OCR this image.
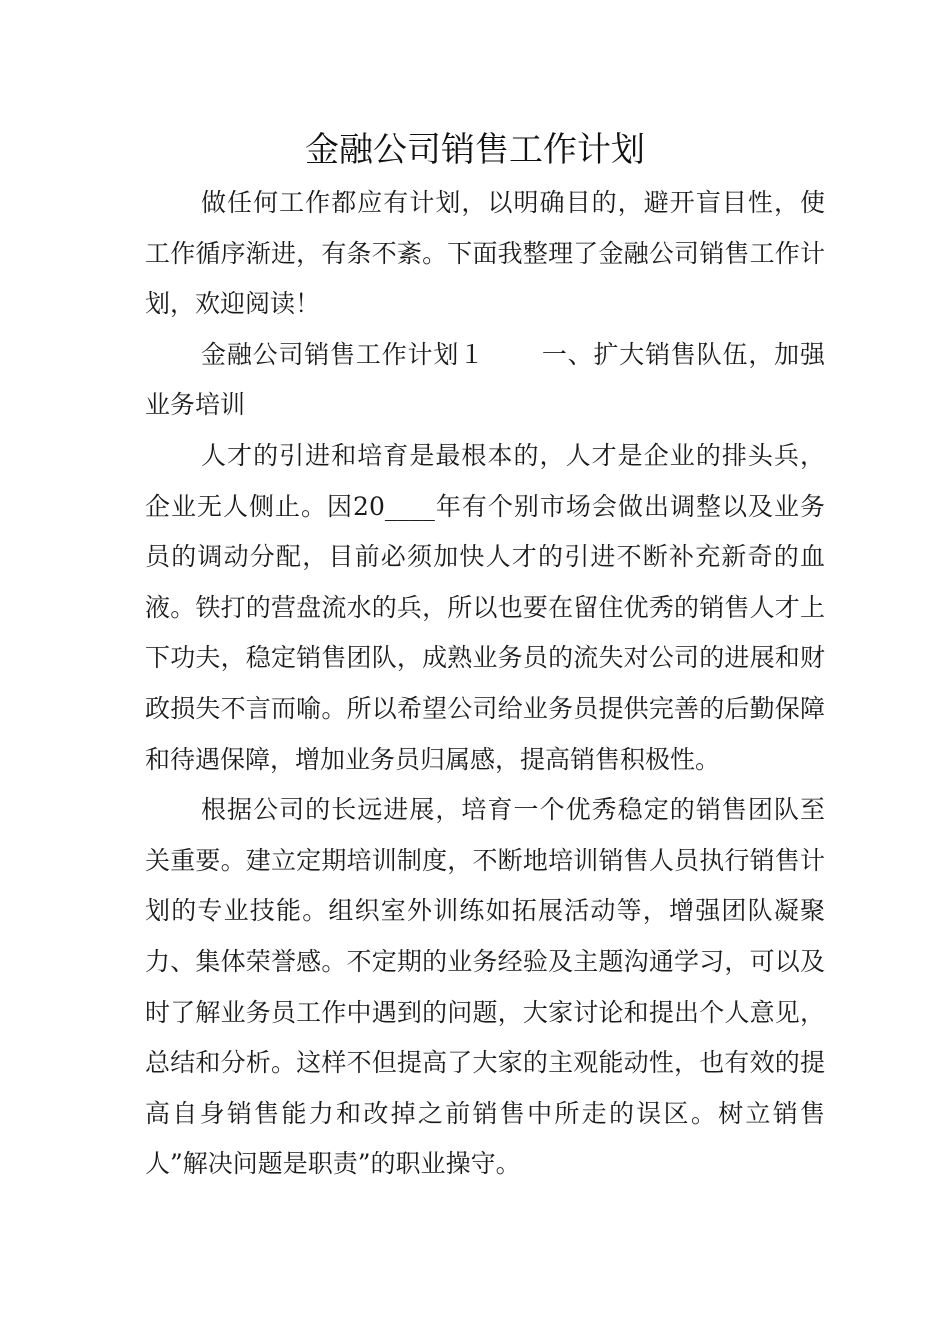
金融公司销售工作计划

做任何工作都应有计划，以明确目的，避开盲目性，使工作循序渐进，有条不紊。下面我整理了金融公司销售工作计划，欢迎阅读！

金融公司销售工作计划１ 一、扩大销售队伍，加强业务培训

人才的引进和培育是最根本的，人才是企业的排头兵，企业无人侧止。因20____年有个别市场会做出调整以及业务员的调动分配，目前必须加快人才的引进不断补充新奇的血液。铁打的营盘流水的兵，所以也要在留住优秀的销售人才上下功夫，稳定销售团队，成熟业务员的流失对公司的进展和财政损失不言而喻。所以希望公司给业务员提供完善的后勤保障和待遇保障，增加业务员归属感，提高销售积极性。

根据公司的长远进展，培育一个优秀稳定的销售团队至关重要。建立定期培训制度，不断地培训销售人员执行销售计划的专业技能。组织室外训练如拓展活动等，增强团队凝聚力、集体荣誉感。不定期的业务经验及主题沟通学习，可以及时了解业务员工作中遇到的问题，大家讨论和提出个人意见，总结和分析。这样不但提高了大家的主观能动性，也有效的提高自身销售能力和改掉之前销售中所走的误区。树立销售人”解决问题是职责”的职业操守。
